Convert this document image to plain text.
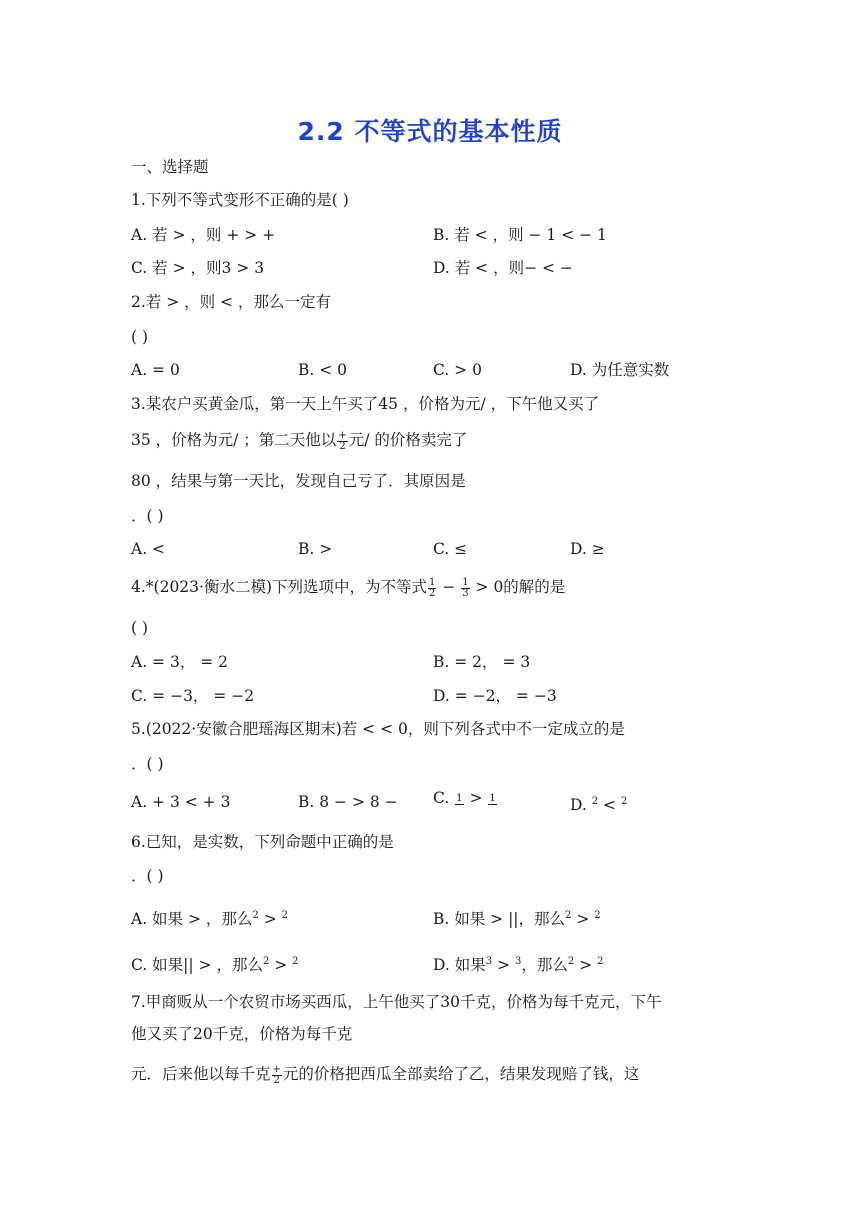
2.2 不等式的基本性质
一、选择题
1.下列不等式变形不正确的是( )
A. 若 > ，则 + > +	B. 若 < ，则 − 1 < − 1
C. 若 > ，则3 > 3	D. 若 < ，则− < −
2.若 > ，则 < ，那么一定有
( )
A. = 0	B. < 0	C. > 0	D. 为任意实数
3.某农户买黄金瓜，第一天上午买了45 ，价格为元/ ，下午他又买了
35 ，价格为元/ ；第二天他以 $\frac{+}{2}$ 元/ 的价格卖完了
80 ，结果与第一天比，发现自己亏了．其原因是
．( )
A. <	B. >	C. ≤	D. ≥
4.*(2023·衡水二模)下列选项中，为不等式 $\frac{1}{2} - \frac{1}{3} > 0$的解的是
( )
A. = 3， = 2	B. = 2， = 3
C. = −3， = −2	D. = −2， = −3
5.(2022·安徽合肥瑶海区期末)若 < < 0，则下列各式中不一定成立的是
．( )
A. + 3 < + 3	B. 8 − > 8 − C. 1 > 1	D. $^2$ < $^2$
6.已知，是实数，下列命题中正确的是
．( )
A. 如果 > ，那么$^2$ > $^2$	B. 如果 > ||，那么$^2$ > $^2$
C. 如果|| > ，那么$^2$ > $^2$	D. 如果$^3$ > $^3$，那么$^2$ > $^2$
7.甲商贩从一个农贸市场买西瓜，上午他买了30千克，价格为每千克元，下午
他又买了20千克，价格为每千克
元．后来他以每千克 $\frac{+}{2}$ 元的价格把西瓜全部卖给了乙，结果发现赔了钱，这
